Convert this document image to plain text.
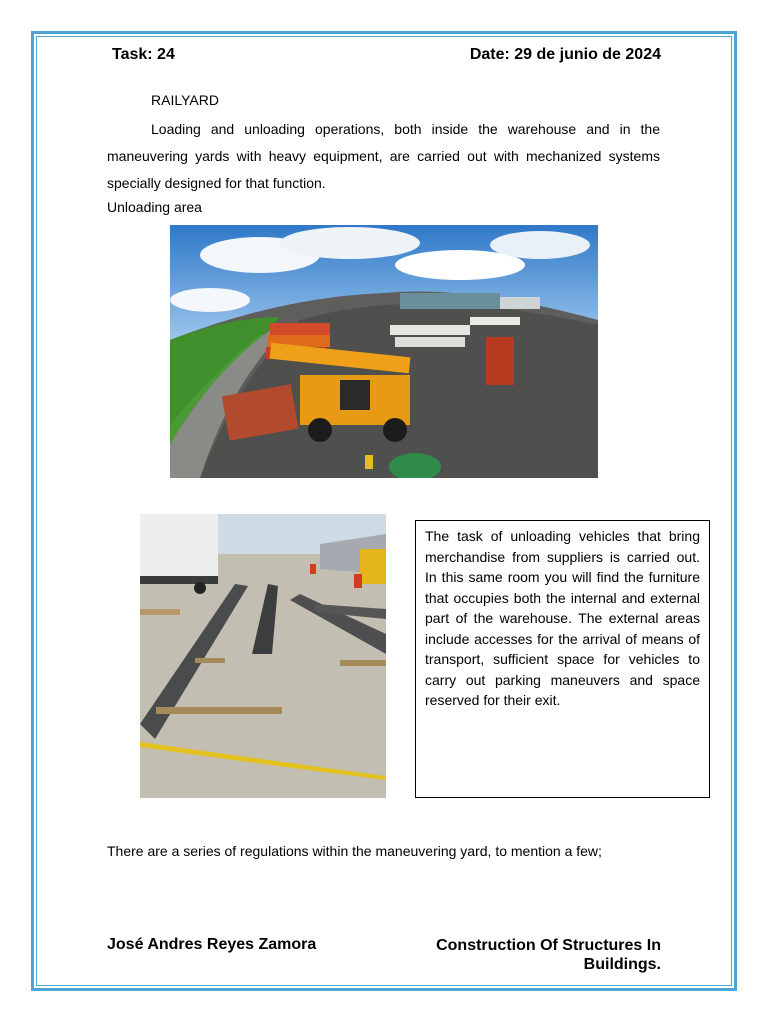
Task: 24	Date: 29 de junio de 2024
RAILYARD

Loading and unloading operations, both inside the warehouse and in the maneuvering yards with heavy equipment, are carried out with mechanized systems specially designed for that function.

Unloading area
The task of unloading vehicles that bring merchandise from suppliers is carried out. In this same room you will find the furniture that occupies both the internal and external part of the warehouse. The external areas include accesses for the arrival of means of transport, sufficient space for vehicles to carry out parking maneuvers and space reserved for their exit.
There are a series of regulations within the maneuvering yard, to mention a few;
José Andres Reyes Zamora	Construction Of Structures In Buildings.
